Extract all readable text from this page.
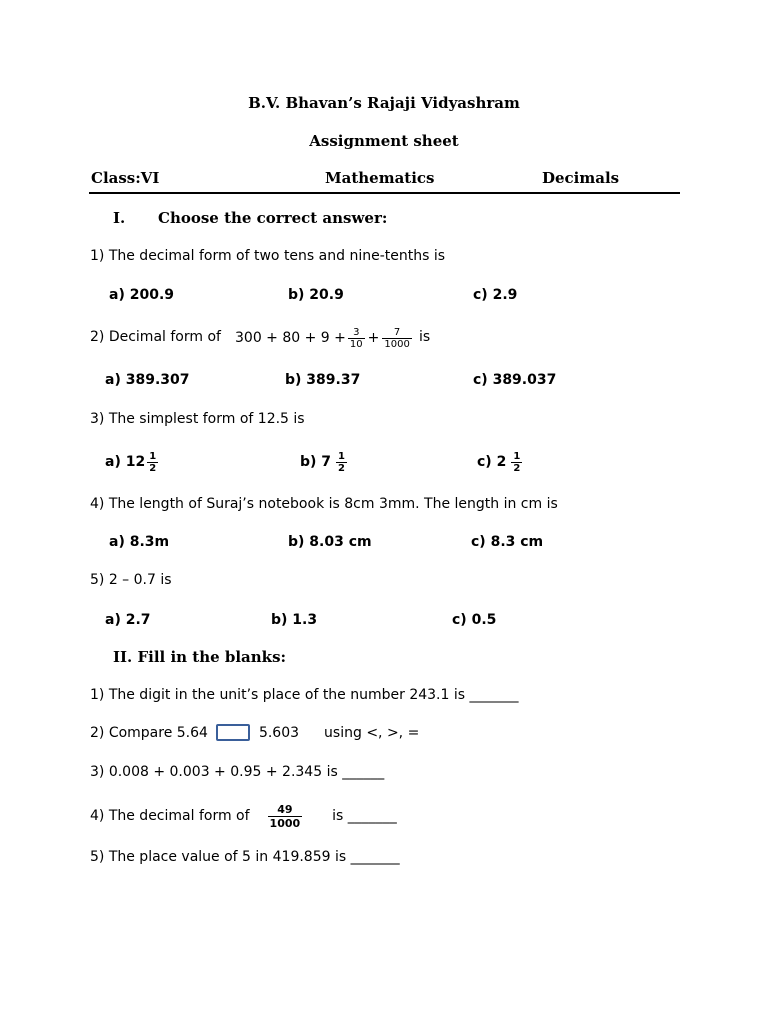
B.V. Bhavan’s Rajaji Vidyashram
Assignment sheet
Class:VI	Mathematics	Decimals
I. Choose the correct answer:
1) The decimal form of two tens and nine-tenths is
a) 200.9	b) 20.9	c) 2.9
2) Decimal form of $300 + 80 + 9 + \frac{3}{10} + \frac{7}{1000}$ is
a) 389.307	b) 389.37	c) 389.037
3) The simplest form of 12.5 is
a) $12 \frac{1}{2}$	b) $7 \frac{1}{2}$	c) $2 \frac{1}{2}$
4) The length of Suraj’s notebook is 8cm 3mm. The length in cm is
a) 8.3m	b) 8.03 cm	c) 8.3 cm
5) 2 – 0.7 is
a) 2.7	b) 1.3	c) 0.5
II. Fill in the blanks:
1) The digit in the unit’s place of the number 243.1 is _______
2) Compare 5.64	5.603 using <, >, =
3) 0.008 + 0.003 + 0.95 + 2.345 is ______
4) The decimal form of $\frac{49}{1000}$ is _______
5) The place value of 5 in 419.859 is _______
